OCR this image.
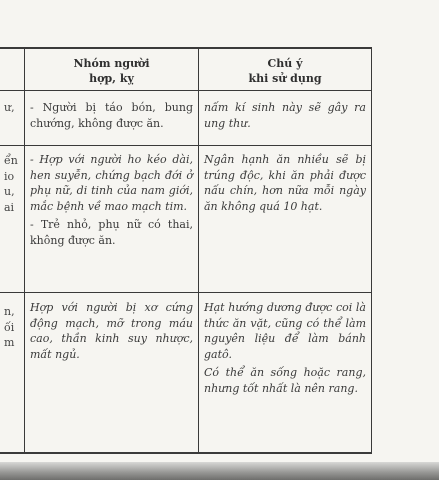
Nhóm người
hợp, kỵ
Chú ý
khi sử dụng
ư,
ển
io
u,
ai
n,
ối
m

- Người bị táo bón, bung chướng, không được ăn.

nấm kí sinh này sẽ gây ra ung thư.

- Hợp với người ho kéo dài, hen suyễn, chứng bạch đới ở phụ nữ, di tinh của nam giới, mắc bệnh về mao mạch tim.

- Trẻ nhỏ, phụ nữ có thai, không được ăn.

Ngân hạnh ăn nhiều sẽ bị trúng độc, khi ăn phải được nấu chín, hơn nữa mỗi ngày ăn không quá 10 hạt.

Hợp với người bị xơ cứng động mạch, mỡ trong máu cao, thần kinh suy nhược, mất ngủ.

Hạt hướng dương được coi là thức ăn vặt, cũng có thể làm nguyên liệu để làm bánh gatô.

Có thể ăn sống hoặc rang, nhưng tốt nhất là nên rang.
